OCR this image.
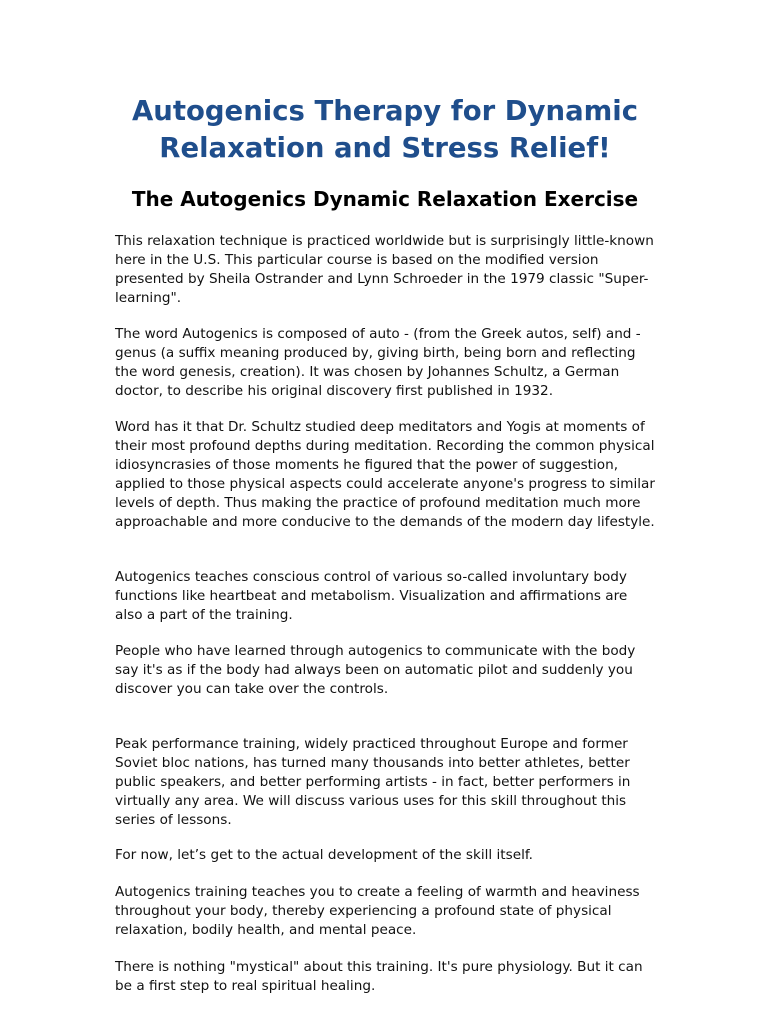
Autogenics Therapy for Dynamic Relaxation and Stress Relief!
The Autogenics Dynamic Relaxation Exercise

This relaxation technique is practiced worldwide but is surprisingly little-known here in the U.S. This particular course is based on the modified version presented by Sheila Ostrander and Lynn Schroeder in the 1979 classic "Super-learning".

The word Autogenics is composed of auto - (from the Greek autos, self) and -genus (a suffix meaning produced by, giving birth, being born and reflecting the word genesis, creation). It was chosen by Johannes Schultz, a German doctor, to describe his original discovery first published in 1932.

Word has it that Dr. Schultz studied deep meditators and Yogis at moments of their most profound depths during meditation. Recording the common physical idiosyncrasies of those moments he figured that the power of suggestion, applied to those physical aspects could accelerate anyone's progress to similar levels of depth. Thus making the practice of profound meditation much more approachable and more conducive to the demands of the modern day lifestyle.

Autogenics teaches conscious control of various so-called involuntary body functions like heartbeat and metabolism. Visualization and affirmations are also a part of the training.

People who have learned through autogenics to communicate with the body say it's as if the body had always been on automatic pilot and suddenly you discover you can take over the controls.

Peak performance training, widely practiced throughout Europe and former Soviet bloc nations, has turned many thousands into better athletes, better public speakers, and better performing artists - in fact, better performers in virtually any area. We will discuss various uses for this skill throughout this series of lessons.

For now, let’s get to the actual development of the skill itself.

Autogenics training teaches you to create a feeling of warmth and heaviness throughout your body, thereby experiencing a profound state of physical relaxation, bodily health, and mental peace.

There is nothing "mystical" about this training. It's pure physiology. But it can be a first step to real spiritual healing.
